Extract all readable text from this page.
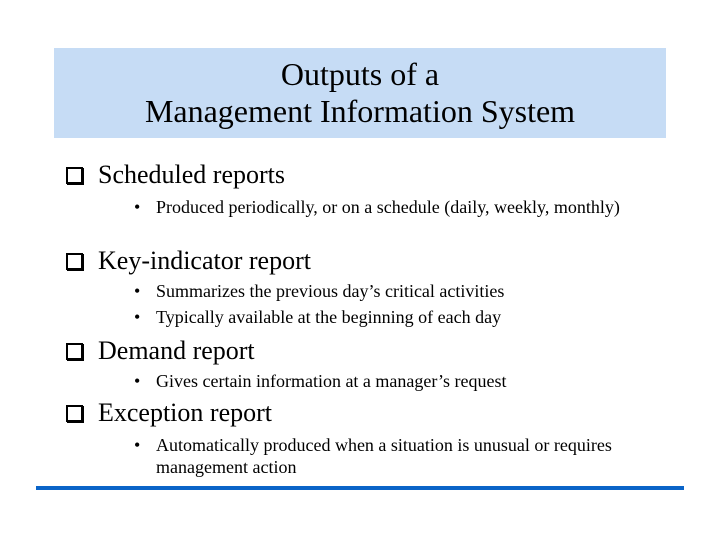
Outputs of a
Management Information System
Scheduled reports
• Produced periodically, or on a schedule (daily, weekly, monthly)
Key-indicator report
• Summarizes the previous day’s critical activities
• Typically available at the beginning of each day
Demand report
• Gives certain information at a manager’s request
Exception report
• Automatically produced when a situation is unusual or requires management action
